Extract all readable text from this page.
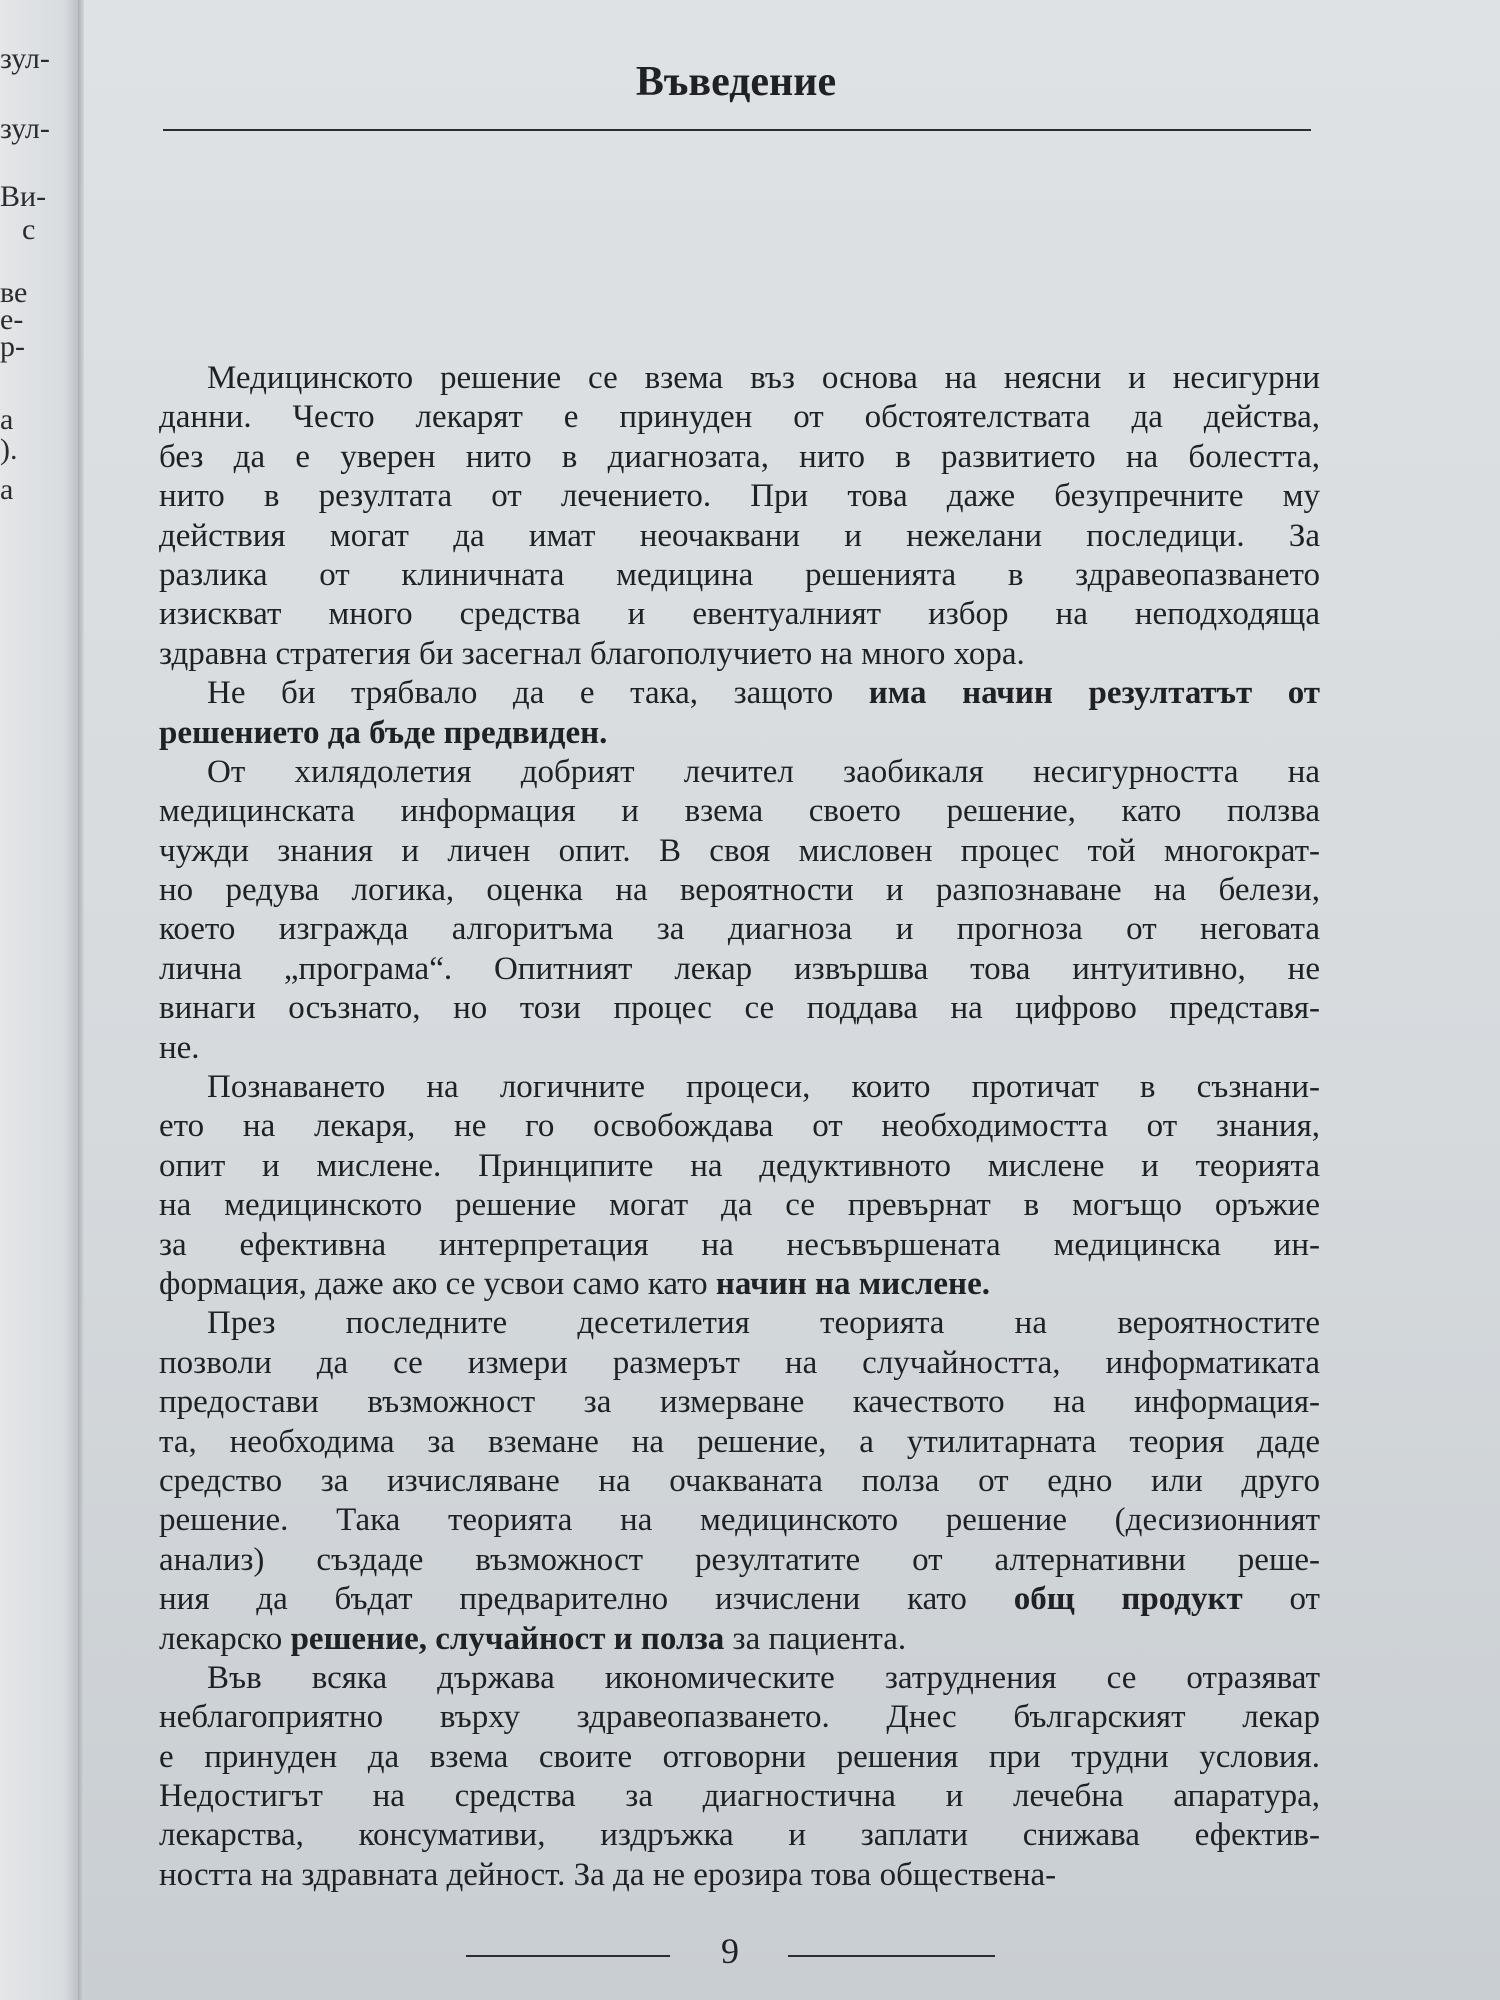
зул-
зул-
Ви-
с
ве
е-
р-
а
).
а
Въведение
Медицинското решение се взема въз основа на неясни и несигурни
данни. Често лекарят е принуден от обстоятелствата да действа,
без да е уверен нито в диагнозата, нито в развитието на болестта,
нито в резултата от лечението. При това даже безупречните му
действия могат да имат неочаквани и нежелани последици. За
разлика от клиничната медицина решенията в здравеопазването
изискват много средства и евентуалният избор на неподходяща
здравна стратегия би засегнал благополучието на много хора.
Не би трябвало да е така, защото има начин резултатът от
решението да бъде предвиден.
От хилядолетия добрият лечител заобикаля несигурността на
медицинската информация и взема своето решение, като ползва
чужди знания и личен опит. В своя мисловен процес той многократ-
но редува логика, оценка на вероятности и разпознаване на белези,
което изгражда алгоритъма за диагноза и прогноза от неговата
лична „програма“. Опитният лекар извършва това интуитивно, не
винаги осъзнато, но този процес се поддава на цифрово представя-
не.
Познаването на логичните процеси, които протичат в съзнани-
ето на лекаря, не го освобождава от необходимостта от знания,
опит и мислене. Принципите на дедуктивното мислене и теорията
на медицинското решение могат да се превърнат в могъщо оръжие
за ефективна интерпретация на несъвършената медицинска ин-
формация, даже ако се усвои само като начин на мислене.
През последните десетилетия теорията на вероятностите
позволи да се измери размерът на случайността, информатиката
предостави възможност за измерване качеството на информация-
та, необходима за вземане на решение, а утилитарната теория даде
средство за изчисляване на очакваната полза от едно или друго
решение. Така теорията на медицинското решение (десизионният
анализ) създаде възможност резултатите от алтернативни реше-
ния да бъдат предварително изчислени като общ продукт от
лекарско решение, случайност и полза за пациента.
Във всяка държава икономическите затруднения се отразяват
неблагоприятно върху здравеопазването. Днес българският лекар
е принуден да взема своите отговорни решения при трудни условия.
Недостигът на средства за диагностична и лечебна апаратура,
лекарства, консумативи, издръжка и заплати снижава ефектив-
ността на здравната дейност. За да не ерозира това обществена-
9
